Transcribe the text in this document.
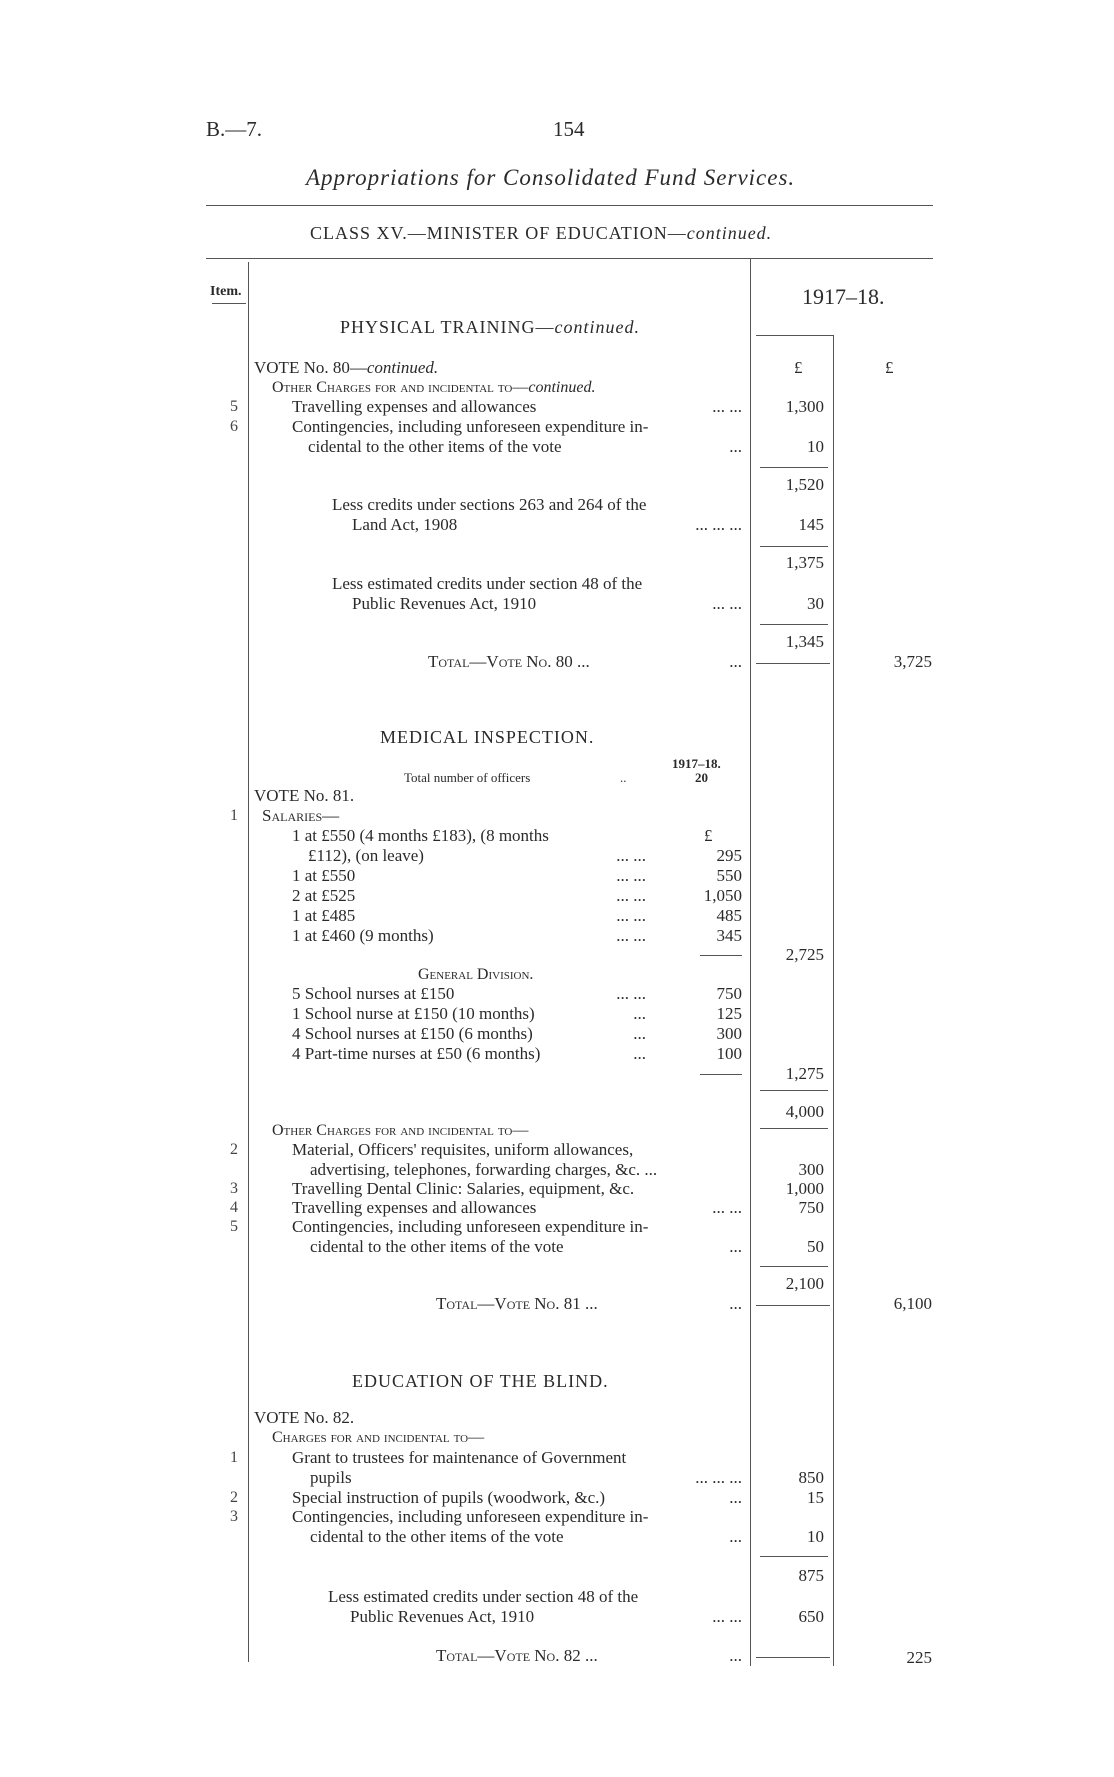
B.—7.	154
Appropriations for Consolidated Fund Services.
CLASS XV.—MINISTER OF EDUCATION—continued.
Item.	1917–18.
£	£
PHYSICAL TRAINING—continued.
VOTE No. 80—continued.
Other Charges for and incidental to—continued.
5	Travelling expenses and allowances	... ...	1,300
6	Contingencies, including unforeseen expenditure in-
cidental to the other items of the vote	...	10
1,520
Less credits under sections 263 and 264 of the
Land Act, 1908	... ... ...	145
1,375
Less estimated credits under section 48 of the
Public Revenues Act, 1910	... ...	30
1,345
Total—Vote No. 80 ...	...	3,725
MEDICAL INSPECTION.
1917–18.
Total number of officers	..	20
VOTE No. 81.
1	Salaries—
1 at £550 (4 months £183), (8 months	£
£112), (on leave)	... ...	295
1 at £550	... ...	550
2 at £525	... ...	1,050
1 at £485	... ...	485
1 at £460 (9 months)	... ...	345
2,725
General Division.
5 School nurses at £150	... ...	750
1 School nurse at £150 (10 months)	...	125
4 School nurses at £150 (6 months)	...	300
4 Part-time nurses at £50 (6 months)	...	100
1,275
4,000
Other Charges for and incidental to—
2	Material, Officers' requisites, uniform allowances,
advertising, telephones, forwarding charges, &c. ...	300
3	Travelling Dental Clinic: Salaries, equipment, &c.	1,000
4	Travelling expenses and allowances	... ...	750
5	Contingencies, including unforeseen expenditure in-
cidental to the other items of the vote	...	50
2,100
Total—Vote No. 81 ...	...	6,100
EDUCATION OF THE BLIND.
VOTE No. 82.
Charges for and incidental to—
1	Grant to trustees for maintenance of Government
pupils	... ... ...	850
2	Special instruction of pupils (woodwork, &c.)	...	15
3	Contingencies, including unforeseen expenditure in-
cidental to the other items of the vote	...	10
875
Less estimated credits under section 48 of the
Public Revenues Act, 1910	... ...	650
Total—Vote No. 82 ...	...	225
